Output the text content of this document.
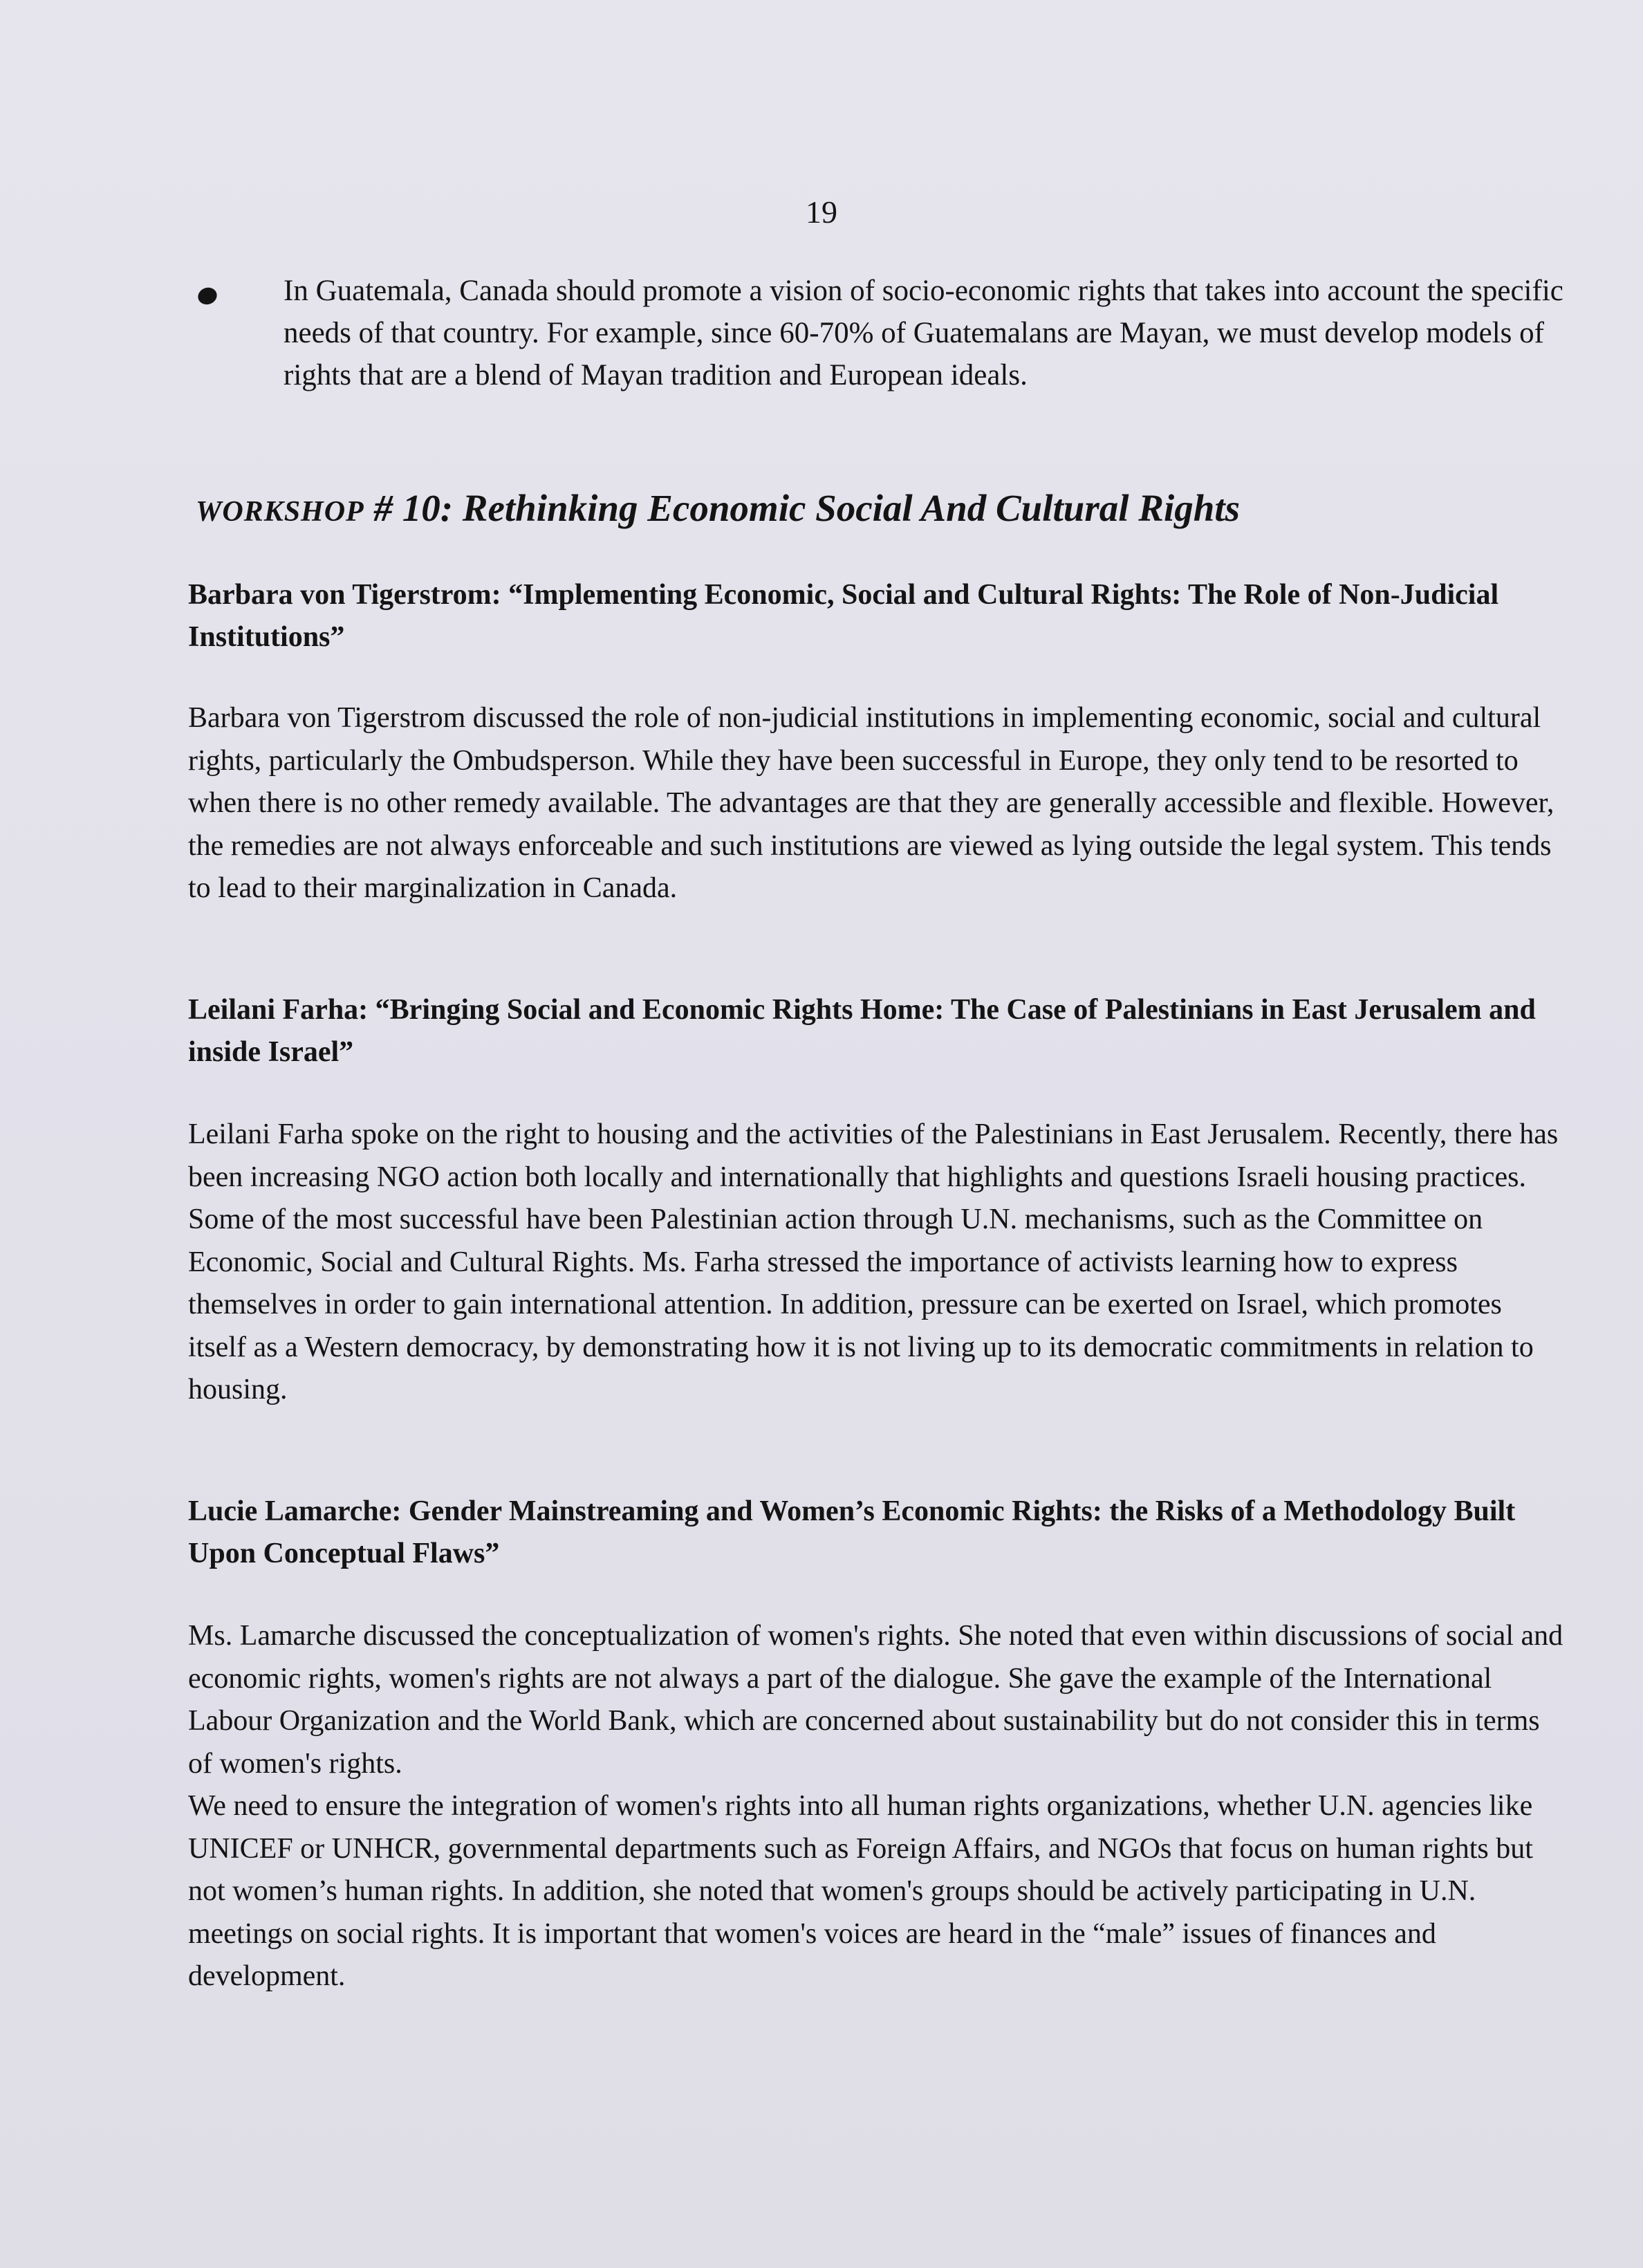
19
In Guatemala, Canada should promote a vision of socio-economic rights that takes into account the specific needs of that country. For example, since 60-70% of Guatemalans are Mayan, we must develop models of rights that are a blend of Mayan tradition and European ideals.
WORKSHOP # 10: Rethinking Economic Social And Cultural Rights
Barbara von Tigerstrom: “Implementing Economic, Social and Cultural Rights: The Role of Non-Judicial Institutions”

Barbara von Tigerstrom discussed the role of non-judicial institutions in implementing economic, social and cultural rights, particularly the Ombudsperson. While they have been successful in Europe, they only tend to be resorted to when there is no other remedy available. The advantages are that they are generally accessible and flexible. However, the remedies are not always enforceable and such institutions are viewed as lying outside the legal system. This tends to lead to their marginalization in Canada.

Leilani Farha: “Bringing Social and Economic Rights Home: The Case of Palestinians in East Jerusalem and inside Israel”

Leilani Farha spoke on the right to housing and the activities of the Palestinians in East Jerusalem. Recently, there has been increasing NGO action both locally and internationally that highlights and questions Israeli housing practices. Some of the most successful have been Palestinian action through U.N. mechanisms, such as the Committee on Economic, Social and Cultural Rights. Ms. Farha stressed the importance of activists learning how to express themselves in order to gain international attention. In addition, pressure can be exerted on Israel, which promotes itself as a Western democracy, by demonstrating how it is not living up to its democratic commitments in relation to housing.

Lucie Lamarche: Gender Mainstreaming and Women’s Economic Rights: the Risks of a Methodology Built Upon Conceptual Flaws”

Ms. Lamarche discussed the conceptualization of women's rights. She noted that even within discussions of social and economic rights, women's rights are not always a part of the dialogue. She gave the example of the International Labour Organization and the World Bank, which are concerned about sustainability but do not consider this in terms of women's rights.
We need to ensure the integration of women's rights into all human rights organizations, whether U.N. agencies like UNICEF or UNHCR, governmental departments such as Foreign Affairs, and NGOs that focus on human rights but not women’s human rights. In addition, she noted that women's groups should be actively participating in U.N. meetings on social rights. It is important that women's voices are heard in the “male” issues of finances and development.
